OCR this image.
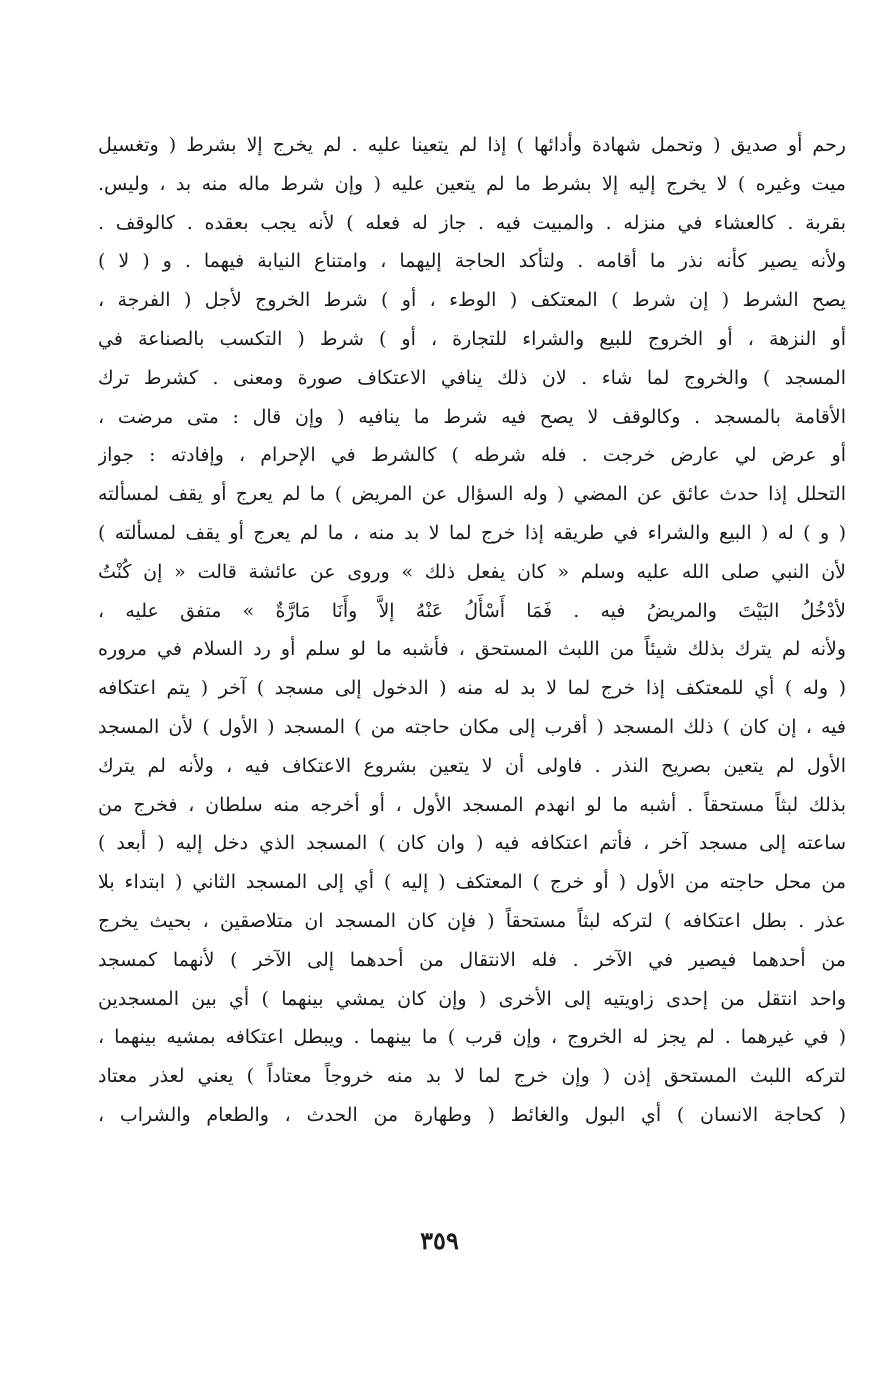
رحم أو صديق ( وتحمل شهادة وأدائها ) إذا لم يتعينا عليه . لم يخرج إلا بشرط ( وتغسيل
ميت وغيره ) لا يخرج إليه إلا بشرط ما لم يتعين عليه ( وإن شرط ماله منه بد ، وليس.
بقربة . كالعشاء في منزله . والمبيت فيه . جاز له فعله ) لأنه يجب بعقده . كالوقف .
ولأنه يصير كأنه نذر ما أقامه . ولتأكد الحاجة إليهما ، وامتناع النيابة فيهما . و ( لا )
يصح الشرط ( إن شرط ) المعتكف ( الوطء ، أو ) شرط الخروج لأجل ( الفرجة ،
أو النزهة ، أو الخروج للبيع والشراء للتجارة ، أو ) شرط ( التكسب بالصناعة في
المسجد ) والخروج لما شاء . لان ذلك ينافي الاعتكاف صورة ومعنى . كشرط ترك
الأقامة بالمسجد . وكالوقف لا يصح فيه شرط ما ينافيه ( وإن قال : متى مرضت ،
أو عرض لي عارض خرجت . فله شرطه ) كالشرط في الإحرام ، وإفادته : جواز
التحلل إذا حدث عائق عن المضي ( وله السؤال عن المريض ) ما لم يعرج أو يقف لمسألته
( و ) له ( البيع والشراء في طريقه إذا خرج لما لا بد منه ، ما لم يعرج أو يقف لمسألته )
لأن النبي صلى الله عليه وسلم « كان يفعل ذلك » وروى عن عائشة قالت « إن كُنْتُ
لأدْخُلُ البَيْتَ والمريضُ فيه . فَمَا أَسْأَلُ عَنْهُ إلاَّ وأَنَا مَارَّةٌ » متفق عليه ،
ولأنه لم يترك بذلك شيئاً من اللبث المستحق ، فأشبه ما لو سلم أو رد السلام في مروره
( وله ) أي للمعتكف إذا خرج لما لا بد له منه ( الدخول إلى مسجد ) آخر ( يتم اعتكافه
فيه ، إن كان ) ذلك المسجد ( أقرب إلى مكان حاجته من ) المسجد ( الأول ) لأن المسجد
الأول لم يتعين بصريح النذر . فاولى أن لا يتعين بشروع الاعتكاف فيه ، ولأنه لم يترك
بذلك لبثاً مستحقاً . أشبه ما لو انهدم المسجد الأول ، أو أخرجه منه سلطان ، فخرج من
ساعته إلى مسجد آخر ، فأتم اعتكافه فيه ( وان كان ) المسجد الذي دخل إليه ( أبعد )
من محل حاجته من الأول ( أو خرج ) المعتكف ( إليه ) أي إلى المسجد الثاني ( ابتداء بلا
عذر . بطل اعتكافه ) لتركه لبثاً مستحقاً ( فإن كان المسجد ان متلاصقين ، بحيث يخرج
من أحدهما فيصير في الآخر . فله الانتقال من أحدهما إلى الآخر ) لأنهما كمسجد
واحد انتقل من إحدى زاويتيه إلى الأخرى ( وإن كان يمشي بينهما ) أي بين المسجدين
( في غيرهما . لم يجز له الخروج ، وإن قرب ) ما بينهما . ويبطل اعتكافه بمشيه بينهما ،
لتركه اللبث المستحق إذن ( وإن خرج لما لا بد منه خروجاً معتاداً ) يعني لعذر معتاد
( كحاجة الانسان ) أي البول والغائط ( وطهارة من الحدث ، والطعام والشراب ،
٣٥٩
